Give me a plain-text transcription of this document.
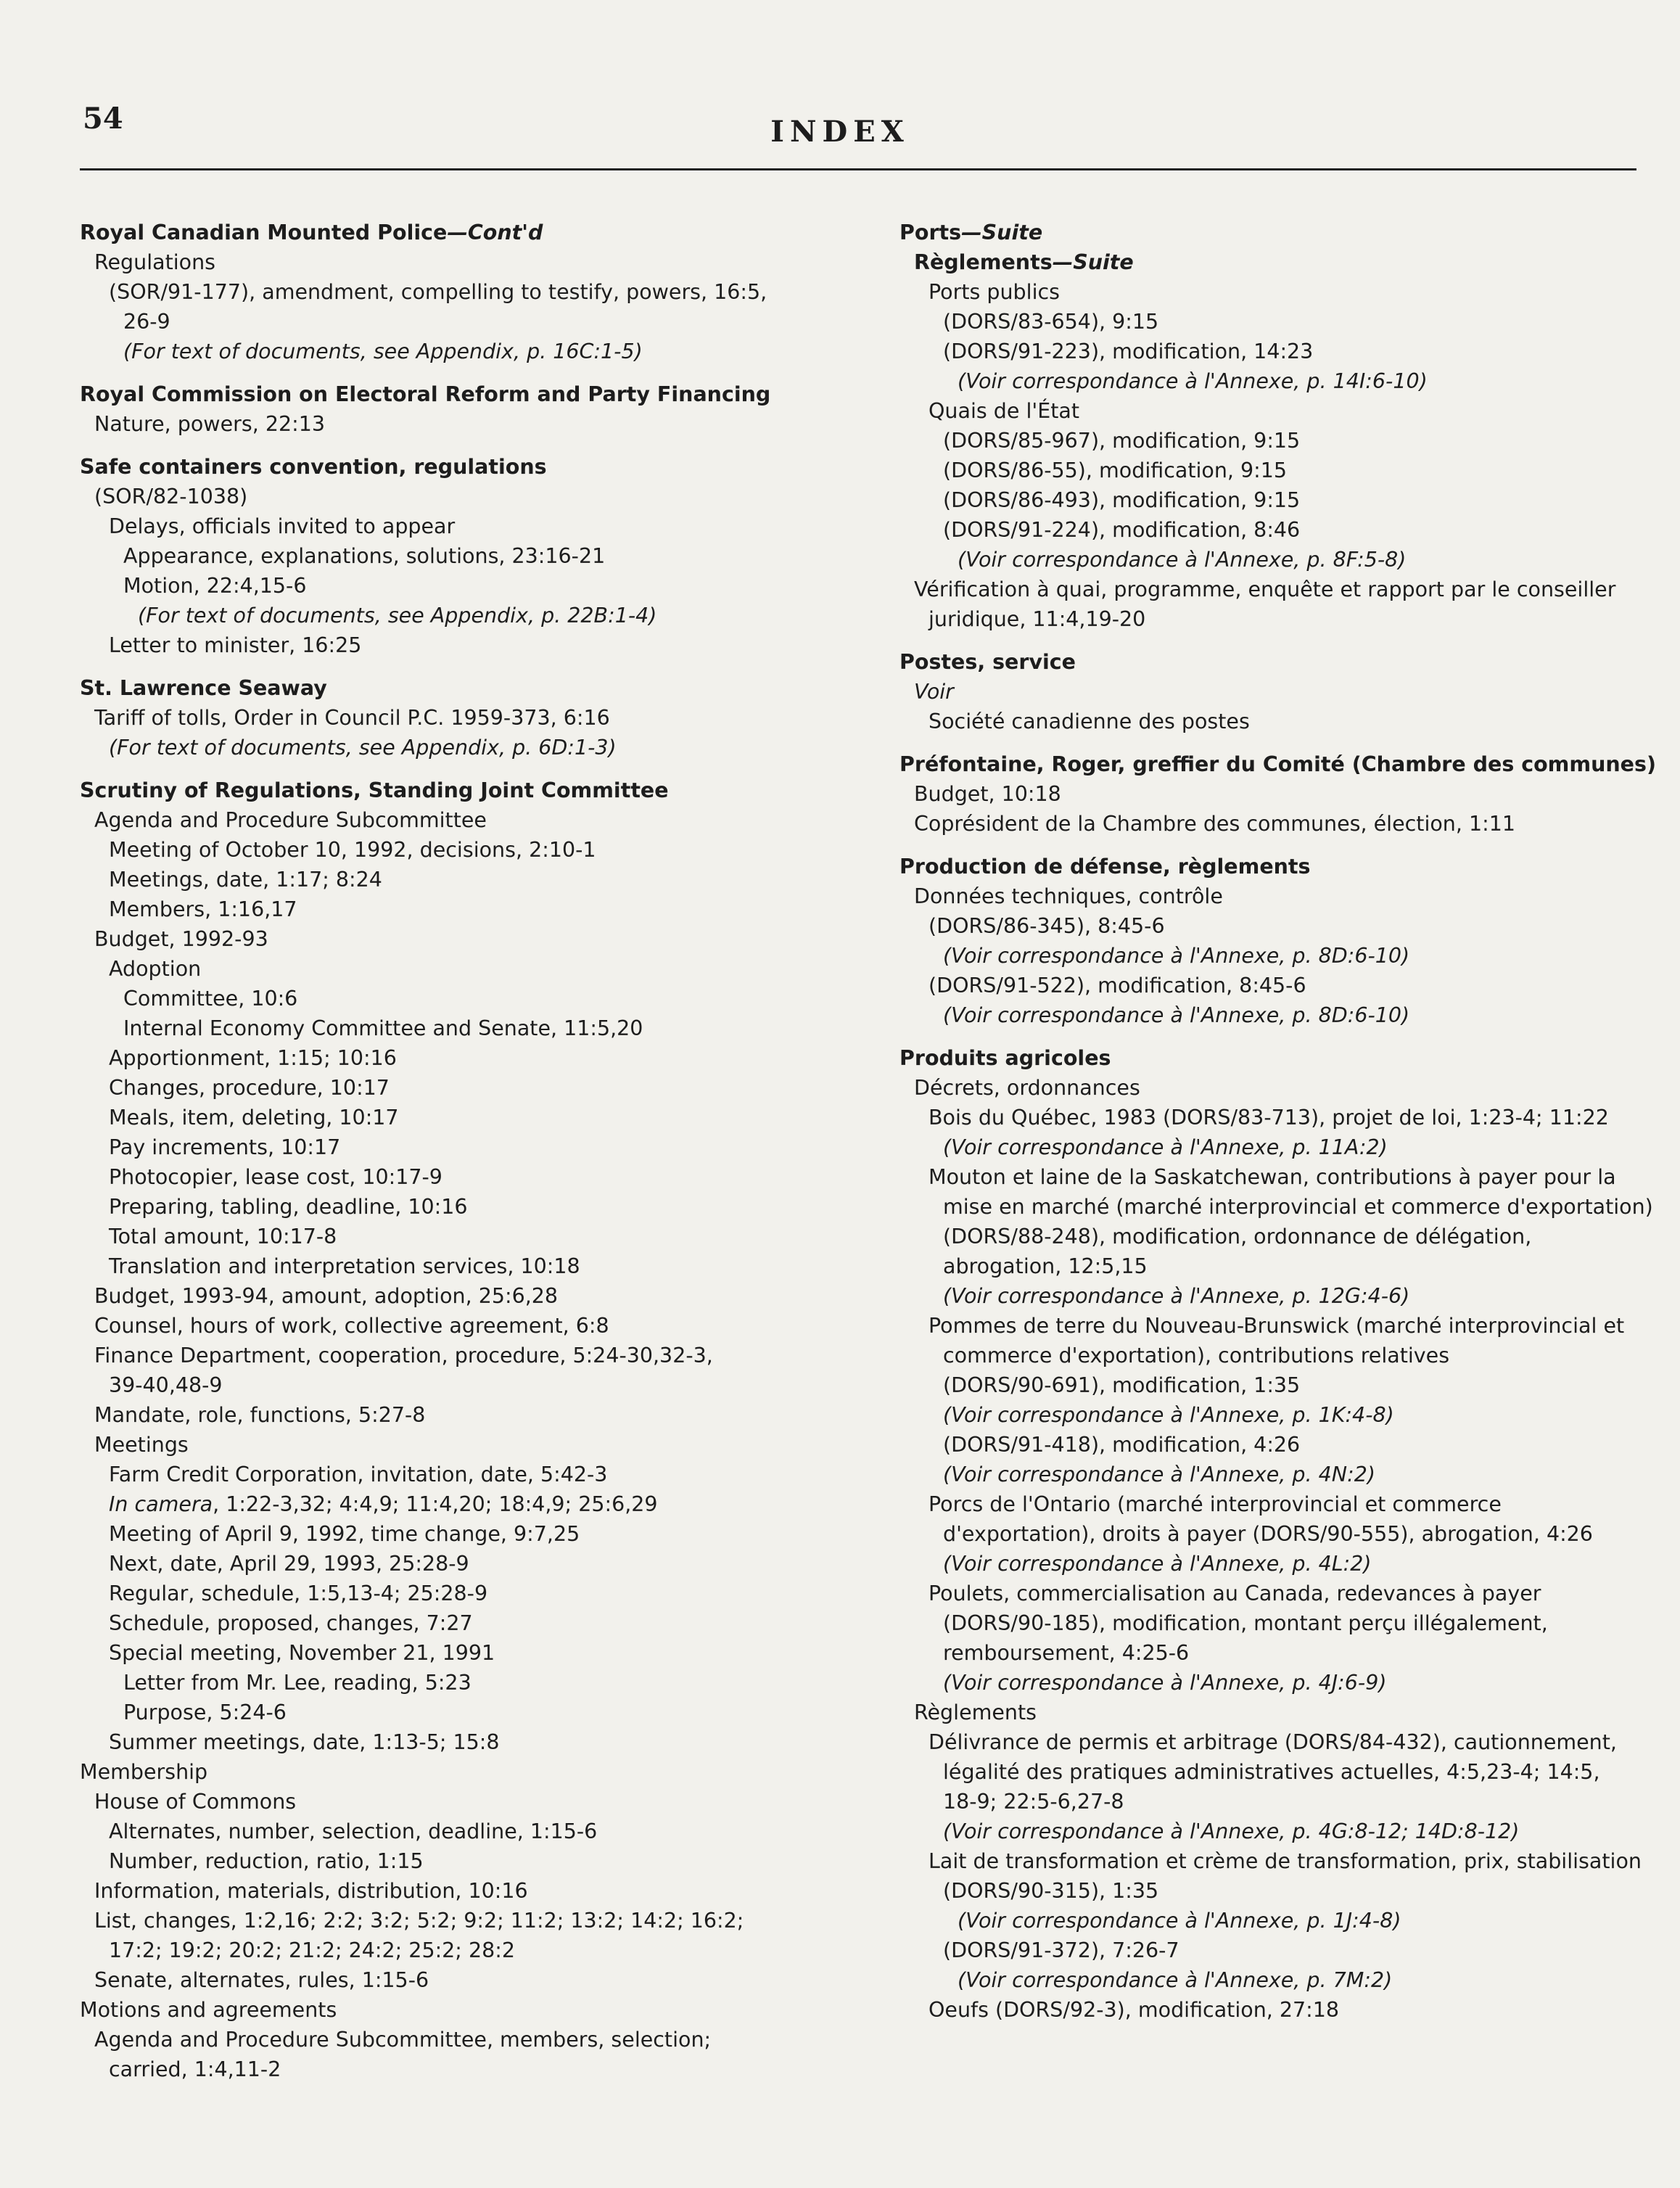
54	INDEX
Royal Canadian Mounted Police—Cont'd
Regulations
(SOR/91-177), amendment, compelling to testify, powers, 16:5,
26-9
(For text of documents, see Appendix, p. 16C:1-5)
Royal Commission on Electoral Reform and Party Financing
Nature, powers, 22:13
Safe containers convention, regulations
(SOR/82-1038)
Delays, officials invited to appear
Appearance, explanations, solutions, 23:16-21
Motion, 22:4,15-6
(For text of documents, see Appendix, p. 22B:1-4)
Letter to minister, 16:25
St. Lawrence Seaway
Tariff of tolls, Order in Council P.C. 1959-373, 6:16
(For text of documents, see Appendix, p. 6D:1-3)
Scrutiny of Regulations, Standing Joint Committee
Agenda and Procedure Subcommittee
Meeting of October 10, 1992, decisions, 2:10-1
Meetings, date, 1:17; 8:24
Members, 1:16,17
Budget, 1992-93
Adoption
Committee, 10:6
Internal Economy Committee and Senate, 11:5,20
Apportionment, 1:15; 10:16
Changes, procedure, 10:17
Meals, item, deleting, 10:17
Pay increments, 10:17
Photocopier, lease cost, 10:17-9
Preparing, tabling, deadline, 10:16
Total amount, 10:17-8
Translation and interpretation services, 10:18
Budget, 1993-94, amount, adoption, 25:6,28
Counsel, hours of work, collective agreement, 6:8
Finance Department, cooperation, procedure, 5:24-30,32-3,
39-40,48-9
Mandate, role, functions, 5:27-8
Meetings
Farm Credit Corporation, invitation, date, 5:42-3
In camera, 1:22-3,32; 4:4,9; 11:4,20; 18:4,9; 25:6,29
Meeting of April 9, 1992, time change, 9:7,25
Next, date, April 29, 1993, 25:28-9
Regular, schedule, 1:5,13-4; 25:28-9
Schedule, proposed, changes, 7:27
Special meeting, November 21, 1991
Letter from Mr. Lee, reading, 5:23
Purpose, 5:24-6
Summer meetings, date, 1:13-5; 15:8
Membership
House of Commons
Alternates, number, selection, deadline, 1:15-6
Number, reduction, ratio, 1:15
Information, materials, distribution, 10:16
List, changes, 1:2,16; 2:2; 3:2; 5:2; 9:2; 11:2; 13:2; 14:2; 16:2;
17:2; 19:2; 20:2; 21:2; 24:2; 25:2; 28:2
Senate, alternates, rules, 1:15-6
Motions and agreements
Agenda and Procedure Subcommittee, members, selection;
carried, 1:4,11-2
Ports—Suite
Règlements—Suite
Ports publics
(DORS/83-654), 9:15
(DORS/91-223), modification, 14:23
(Voir correspondance à l'Annexe, p. 14I:6-10)
Quais de l'État
(DORS/85-967), modification, 9:15
(DORS/86-55), modification, 9:15
(DORS/86-493), modification, 9:15
(DORS/91-224), modification, 8:46
(Voir correspondance à l'Annexe, p. 8F:5-8)
Vérification à quai, programme, enquête et rapport par le conseiller
juridique, 11:4,19-20
Postes, service
Voir
Société canadienne des postes
Préfontaine, Roger, greffier du Comité (Chambre des communes)
Budget, 10:18
Coprésident de la Chambre des communes, élection, 1:11
Production de défense, règlements
Données techniques, contrôle
(DORS/86-345), 8:45-6
(Voir correspondance à l'Annexe, p. 8D:6-10)
(DORS/91-522), modification, 8:45-6
(Voir correspondance à l'Annexe, p. 8D:6-10)
Produits agricoles
Décrets, ordonnances
Bois du Québec, 1983 (DORS/83-713), projet de loi, 1:23-4; 11:22
(Voir correspondance à l'Annexe, p. 11A:2)
Mouton et laine de la Saskatchewan, contributions à payer pour la
mise en marché (marché interprovincial et commerce d'exportation)
(DORS/88-248), modification, ordonnance de délégation,
abrogation, 12:5,15
(Voir correspondance à l'Annexe, p. 12G:4-6)
Pommes de terre du Nouveau-Brunswick (marché interprovincial et
commerce d'exportation), contributions relatives
(DORS/90-691), modification, 1:35
(Voir correspondance à l'Annexe, p. 1K:4-8)
(DORS/91-418), modification, 4:26
(Voir correspondance à l'Annexe, p. 4N:2)
Porcs de l'Ontario (marché interprovincial et commerce
d'exportation), droits à payer (DORS/90-555), abrogation, 4:26
(Voir correspondance à l'Annexe, p. 4L:2)
Poulets, commercialisation au Canada, redevances à payer
(DORS/90-185), modification, montant perçu illégalement,
remboursement, 4:25-6
(Voir correspondance à l'Annexe, p. 4J:6-9)
Règlements
Délivrance de permis et arbitrage (DORS/84-432), cautionnement,
légalité des pratiques administratives actuelles, 4:5,23-4; 14:5,
18-9; 22:5-6,27-8
(Voir correspondance à l'Annexe, p. 4G:8-12; 14D:8-12)
Lait de transformation et crème de transformation, prix, stabilisation
(DORS/90-315), 1:35
(Voir correspondance à l'Annexe, p. 1J:4-8)
(DORS/91-372), 7:26-7
(Voir correspondance à l'Annexe, p. 7M:2)
Oeufs (DORS/92-3), modification, 27:18
